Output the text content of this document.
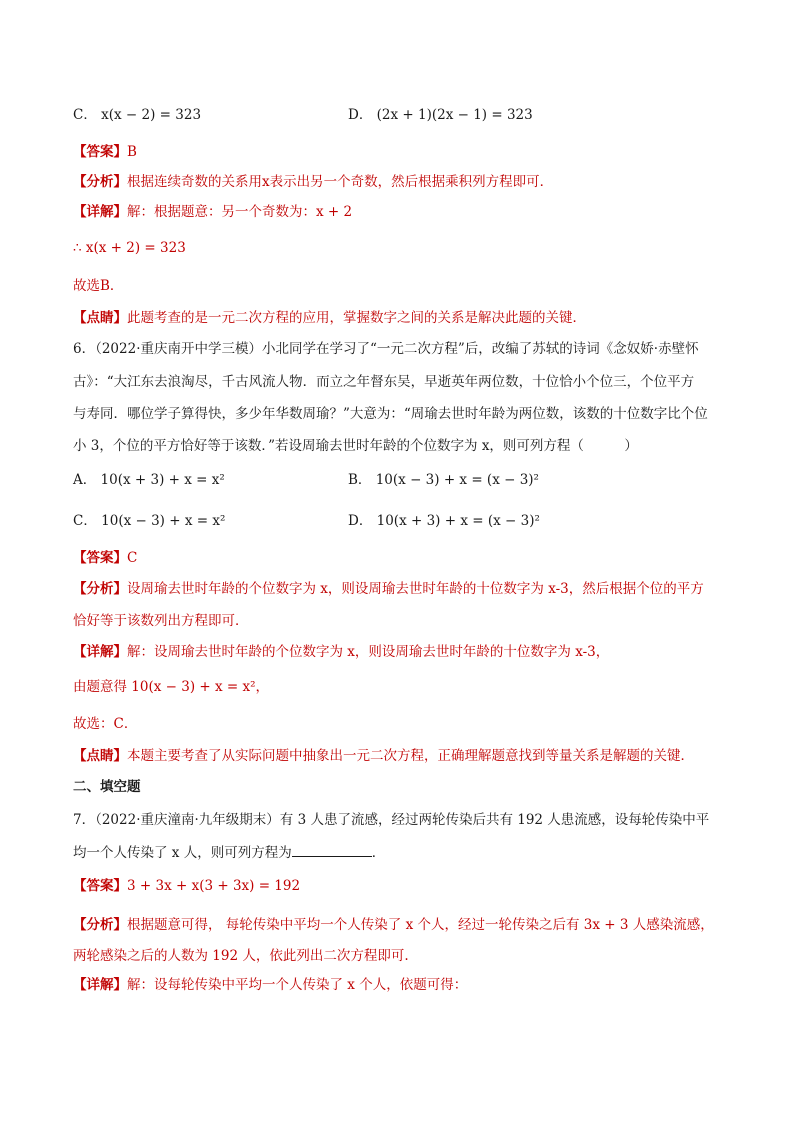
C． x(x − 2) = 323	D． (2x + 1)(2x − 1) = 323
【答案】B
【分析】根据连续奇数的关系用x表示出另一个奇数，然后根据乘积列方程即可．
【详解】解：根据题意：另一个奇数为：x + 2
∴ x(x + 2) = 323
故选B．
【点睛】此题考查的是一元二次方程的应用，掌握数字之间的关系是解决此题的关键．
6．（2022·重庆南开中学三模）小北同学在学习了“一元二次方程”后，改编了苏轼的诗词《念奴娇·赤壁怀
古》：“大江东去浪淘尽，千古风流人物．而立之年督东吴，早逝英年两位数，十位恰小个位三，个位平方
与寿同．哪位学子算得快，多少年华数周瑜？”大意为：“周瑜去世时年龄为两位数，该数的十位数字比个位
小 3，个位的平方恰好等于该数．”若设周瑜去世时年龄的个位数字为 x，则可列方程（　　　）
A． 10(x + 3) + x = x²	B． 10(x − 3) + x = (x − 3)²
C． 10(x − 3) + x = x²	D． 10(x + 3) + x = (x − 3)²
【答案】C
【分析】设周瑜去世时年龄的个位数字为 x，则设周瑜去世时年龄的十位数字为 x-3，然后根据个位的平方
恰好等于该数列出方程即可．
【详解】解：设周瑜去世时年龄的个位数字为 x，则设周瑜去世时年龄的十位数字为 x-3，
由题意得 10(x − 3) + x = x²，
故选：C．
【点睛】本题主要考查了从实际问题中抽象出一元二次方程，正确理解题意找到等量关系是解题的关键．
二、填空题
7．（2022·重庆潼南·九年级期末）有 3 人患了流感，经过两轮传染后共有 192 人患流感，设每轮传染中平
均一个人传染了 x 人，则可列方程为	．
【答案】3 + 3x + x(3 + 3x) = 192
【分析】根据题意可得， 每轮传染中平均一个人传染了 x 个人，经过一轮传染之后有 3x + 3 人感染流感，
两轮感染之后的人数为 192 人，依此列出二次方程即可.
【详解】解：设每轮传染中平均一个人传染了 x 个人，依题可得：
